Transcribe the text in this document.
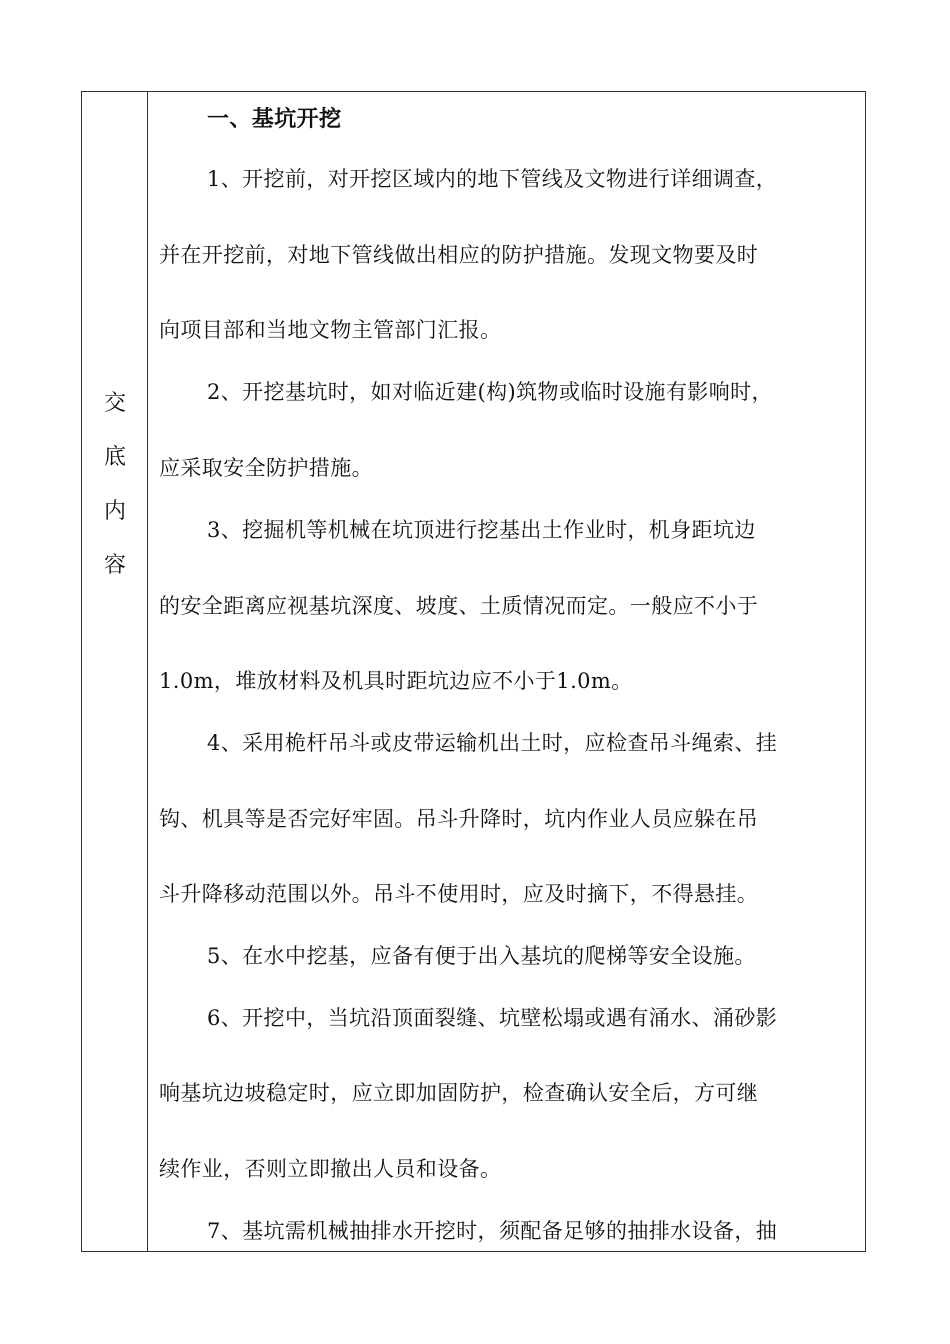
交
底
内
容
一、基坑开挖
1、开挖前，对开挖区域内的地下管线及文物进行详细调查，
并在开挖前，对地下管线做出相应的防护措施。发现文物要及时
向项目部和当地文物主管部门汇报。
2、开挖基坑时，如对临近建(构)筑物或临时设施有影响时，
应采取安全防护措施。
3、挖掘机等机械在坑顶进行挖基出土作业时，机身距坑边
的安全距离应视基坑深度、坡度、土质情况而定。一般应不小于
1.0m，堆放材料及机具时距坑边应不小于1.0m。
4、采用桅杆吊斗或皮带运输机出土时，应检查吊斗绳索、挂
钩、机具等是否完好牢固。吊斗升降时，坑内作业人员应躲在吊
斗升降移动范围以外。吊斗不使用时，应及时摘下，不得悬挂。
5、在水中挖基，应备有便于出入基坑的爬梯等安全设施。
6、开挖中，当坑沿顶面裂缝、坑壁松塌或遇有涌水、涌砂影
响基坑边坡稳定时，应立即加固防护，检查确认安全后，方可继
续作业，否则立即撤出人员和设备。
7、基坑需机械抽排水开挖时，须配备足够的抽排水设备，抽
